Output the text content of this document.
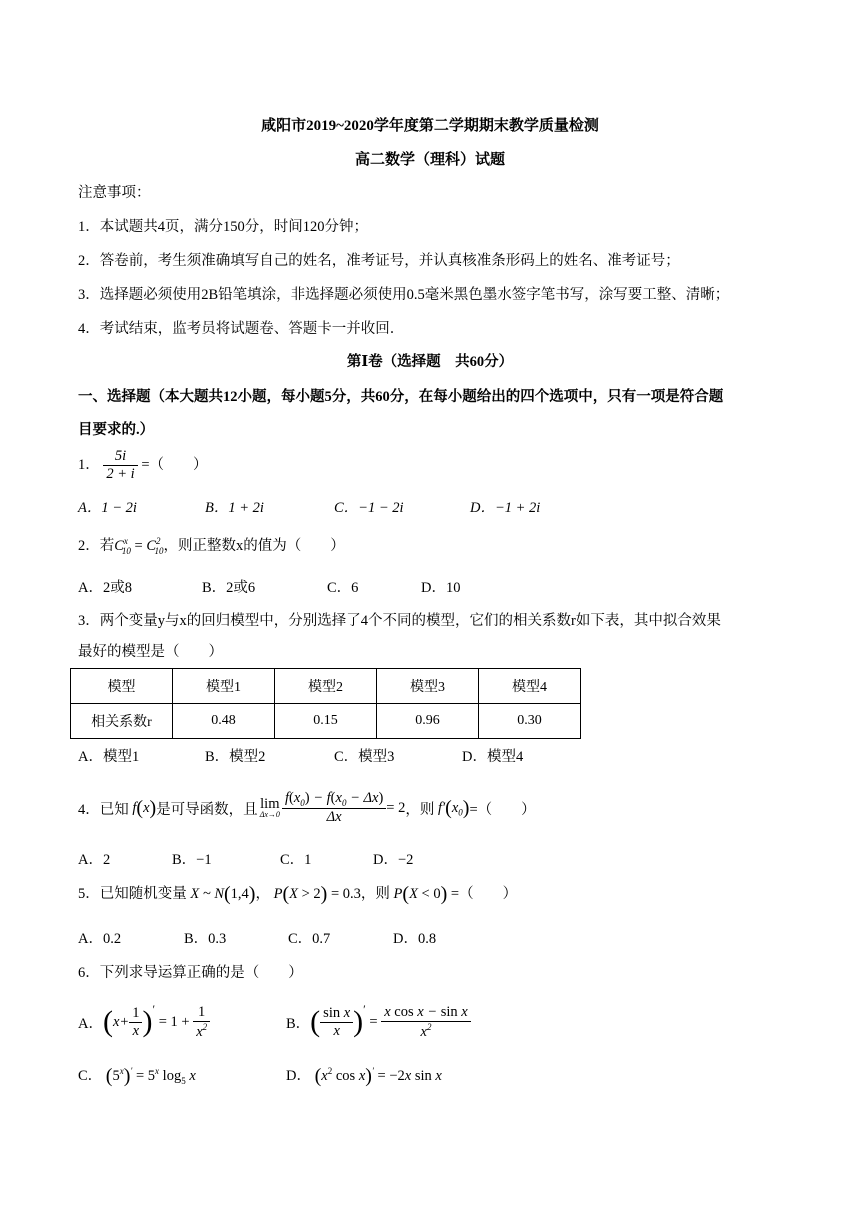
咸阳市2019~2020学年度第二学期期末教学质量检测
高二数学（理科）试题
注意事项：
1．本试题共4页，满分150分，时间120分钟；
2．答卷前，考生须准确填写自己的姓名，准考证号，并认真核准条形码上的姓名、准考证号；
3．选择题必须使用2B铅笔填涂，非选择题必须使用0.5毫米黑色墨水签字笔书写，涂写要工整、清晰；
4．考试结束，监考员将试题卷、答题卡一并收回．
第Ⅰ卷（选择题　共60分）
一、选择题（本大题共12小题，每小题5分，共60分，在每小题给出的四个选项中，只有一项是符合题
目要求的.）
1． $\frac{5i}{2 + i}$ =（　　）
A．1 − 2i	B．1 + 2i	C．−1 − 2i	D．−1 + 2i
2．若$C^x_{10} = C^2_{10}$，则正整数x的值为（　　）
A．2或8	B．2或6	C．6	D．10
3．两个变量y与x的回归模型中，分别选择了4个不同的模型，它们的相关系数r如下表，其中拟合效果
最好的模型是（　　）
模型	模型1	模型2	模型3	模型4
相关系数r	0.48	0.15	0.96	0.30
A．模型1	B．模型2	C．模型3	D．模型4
4．已知 f(x) 是可导函数，且 lim
$\Delta x\to 0 \frac{f(x_0) - f(x_0 - \Delta x)}{\Delta x} = 2$ ，则 $f'(x_0)$ =（　　）
A．2	B．−1	C．1	D．−2
5．已知随机变量 X ~ N(1,4)， P(X > 2) = 0.3，则 P(X < 0) =（　　）
A．0.2	B．0.3	C．0.7	D．0.8
6．下列求导运算正确的是（　　）
A． ( $x+ \frac{1}{x} )'$
= $1 + \frac{1}{x^2}$	B． ( $\frac{\text{sin x}}{x} )'$
= $\frac{\text{x cos x − sin x}}{x^2}$
C． $(5^x)' = 5^x$ $\log_5 x$	D． ($x^2$ cos x)′ = −2x sin x
